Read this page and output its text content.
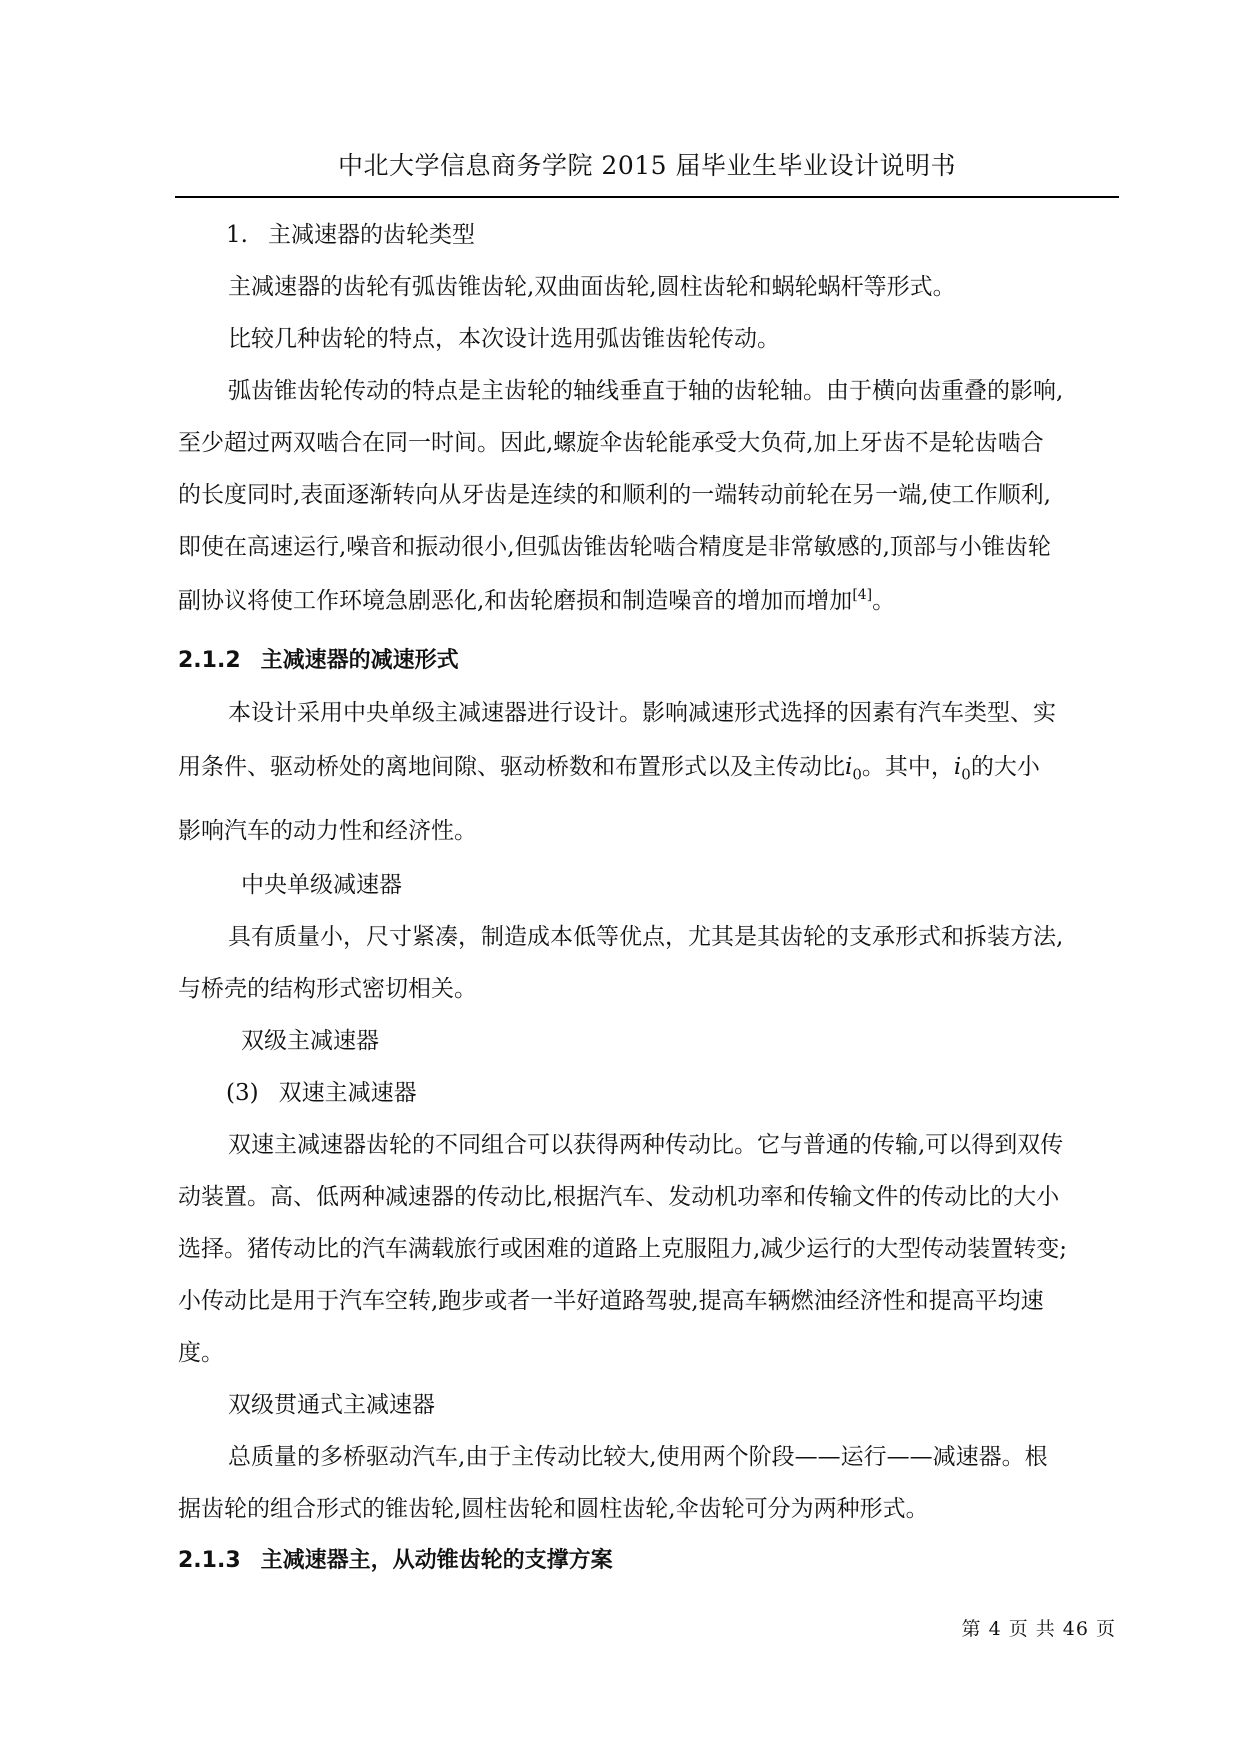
中北大学信息商务学院 2015 届毕业生毕业设计说明书

1. 主减速器的齿轮类型

主减速器的齿轮有弧齿锥齿轮,双曲面齿轮,圆柱齿轮和蜗轮蜗杆等形式。

比较几种齿轮的特点，本次设计选用弧齿锥齿轮传动。

弧齿锥齿轮传动的特点是主齿轮的轴线垂直于轴的齿轮轴。由于横向齿重叠的影响,

至少超过两双啮合在同一时间。因此,螺旋伞齿轮能承受大负荷,加上牙齿不是轮齿啮合

的长度同时,表面逐渐转向从牙齿是连续的和顺利的一端转动前轮在另一端,使工作顺利,

即使在高速运行,噪音和振动很小,但弧齿锥齿轮啮合精度是非常敏感的,顶部与小锥齿轮

副协议将使工作环境急剧恶化,和齿轮磨损和制造噪音的增加而增加[4]。

2.1.2 主减速器的减速形式

本设计采用中央单级主减速器进行设计。影响减速形式选择的因素有汽车类型、实

用条件、驱动桥处的离地间隙、驱动桥数和布置形式以及主传动比$i_0$。其中，$i_0$的大小

影响汽车的动力性和经济性。

中央单级减速器

具有质量小，尺寸紧凑，制造成本低等优点，尤其是其齿轮的支承形式和拆装方法,

与桥壳的结构形式密切相关。

双级主减速器

(3) 双速主减速器

双速主减速器齿轮的不同组合可以获得两种传动比。它与普通的传输,可以得到双传

动装置。高、低两种减速器的传动比,根据汽车、发动机功率和传输文件的传动比的大小

选择。猪传动比的汽车满载旅行或困难的道路上克服阻力,减少运行的大型传动装置转变;

小传动比是用于汽车空转,跑步或者一半好道路驾驶,提高车辆燃油经济性和提高平均速

度。

双级贯通式主减速器

总质量的多桥驱动汽车,由于主传动比较大,使用两个阶段——运行——减速器。根

据齿轮的组合形式的锥齿轮,圆柱齿轮和圆柱齿轮,伞齿轮可分为两种形式。

2.1.3 主减速器主，从动锥齿轮的支撑方案

第 4 页 共 46 页
